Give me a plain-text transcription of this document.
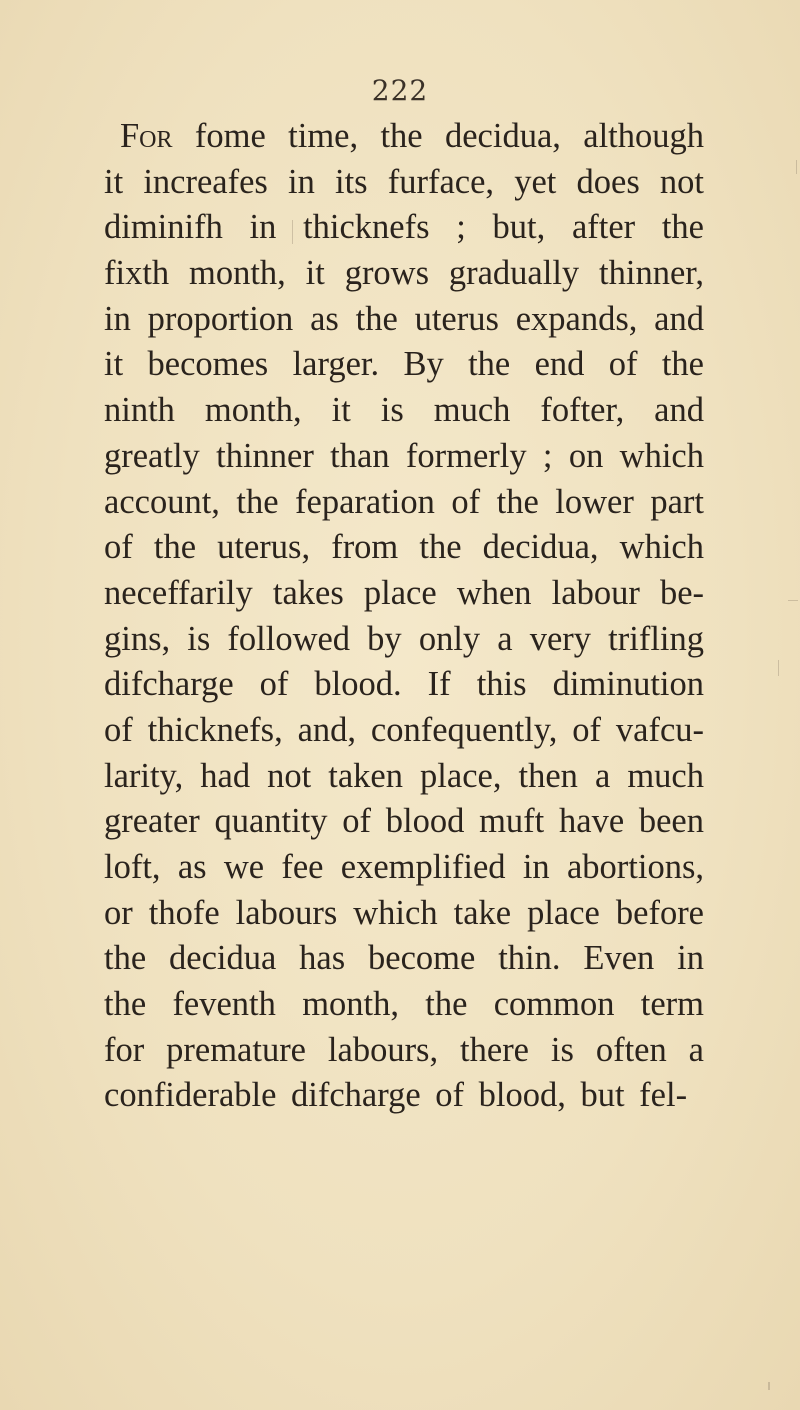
222
For fome time, the decidua, although
it increafes in its furface, yet does not
diminifh in thicknefs ; but, after the
fixth month, it grows gradually thinner,
in proportion as the uterus expands, and
it becomes larger. By the end of the
ninth month, it is much fofter, and
greatly thinner than formerly ; on which
account, the feparation of the lower part
of the uterus, from the decidua, which
neceffarily takes place when labour be-
gins, is followed by only a very trifling
difcharge of blood. If this diminution
of thicknefs, and, confequently, of vafcu-
larity, had not taken place, then a much
greater quantity of blood muft have been
loft, as we fee exemplified in abortions,
or thofe labours which take place before
the decidua has become thin. Even in
the feventh month, the common term
for premature labours, there is often a
confiderable difcharge of blood, but fel-
